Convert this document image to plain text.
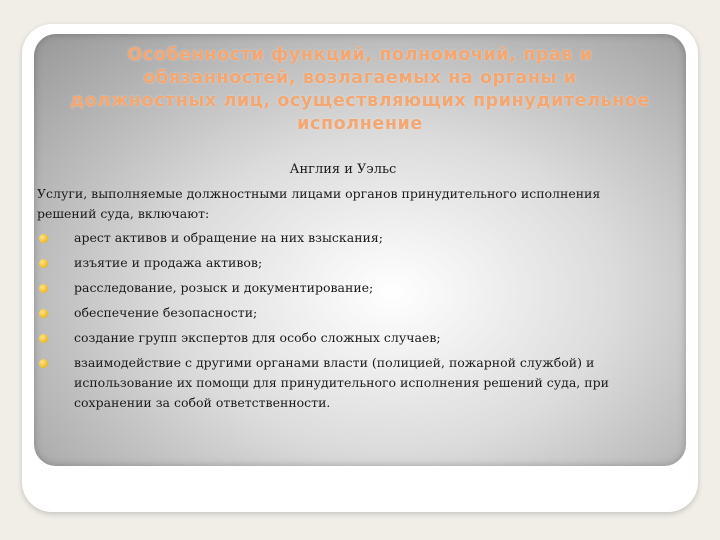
Особенности функций, полномочий, прав и
обязанностей, возлагаемых на органы и
должностных лиц, осуществляющих принудительное
исполнение
Англия и Уэльс
Услуги, выполняемые должностными лицами органов принудительного исполнения
решений суда, включают:
арест активов и обращение на них взыскания;
изъятие и продажа активов;
расследование, розыск и документирование;
обеспечение безопасности;
создание групп экспертов для особо сложных случаев;
взаимодействие с другими органами власти (полицией, пожарной службой) и
использование их помощи для принудительного исполнения решений суда, при
сохранении за собой ответственности.
